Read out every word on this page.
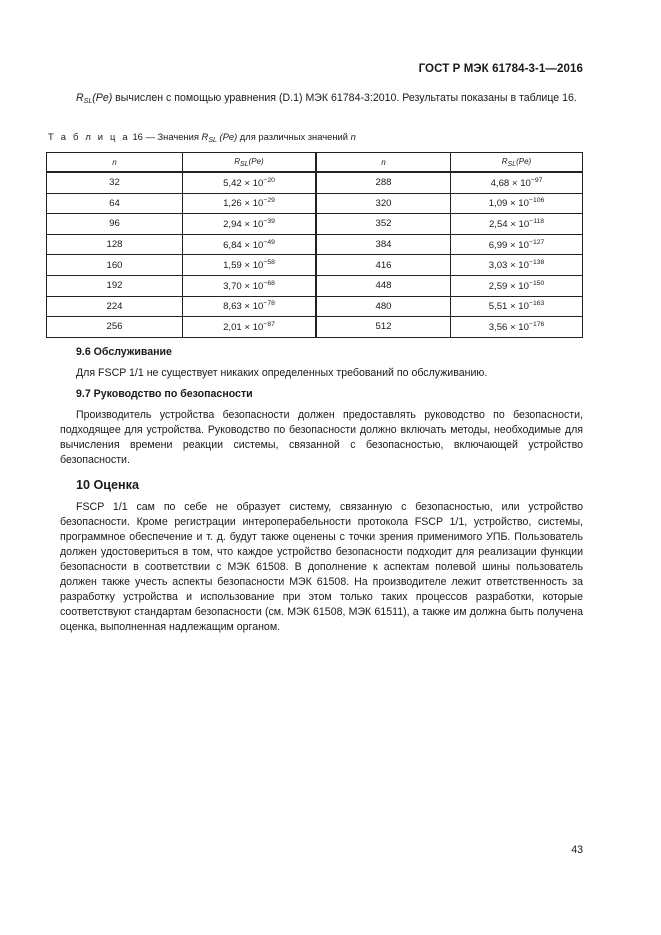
ГОСТ Р МЭК 61784-3-1—2016
$R_{SL}(Pe)$ вычислен с помощью уравнения (D.1) МЭК 61784-3:2010. Результаты показаны в таблице 16.
Т а б л и ц а 16 — Значения $R_{SL}$ (Pe) для различных значений n
n	$R_{SL}(Pe)$	n	$R_{SL}(Pe)$
32	$5,42 \times 10^{-20}$	288	$4,68 \times 10^{-97}$
64	$1,26 \times 10^{-29}$	320	$1,09 \times 10^{-106}$
96	$2,94 \times 10^{-39}$	352	$2,54 \times 10^{-118}$
128	$6,84 \times 10^{-49}$	384	$6,99 \times 10^{-127}$
160	$1,59 \times 10^{-58}$	416	$3,03 \times 10^{-138}$
192	$3,70 \times 10^{-68}$	448	$2,59 \times 10^{-150}$
224	$8,63 \times 10^{-78}$	480	$5,51 \times 10^{-163}$
256	$2,01 \times 10^{-87}$	512	$3,56 \times 10^{-176}$
9.6 Обслуживание

Для FSCP 1/1 не существует никаких определенных требований по обслуживанию.

9.7 Руководство по безопасности

Производитель устройства безопасности должен предоставлять руководство по безопасности, подходящее для устройства. Руководство по безопасности должно включать методы, необходимые для вычисления времени реакции системы, связанной с безопасностью, включающей устройство безопасности.

10 Оценка

FSCP 1/1 сам по себе не образует систему, связанную с безопасностью, или устройство безопасности. Кроме регистрации интероперабельности протокола FSCP 1/1, устройство, системы, программное обеспечение и т. д. будут также оценены с точки зрения применимого УПБ. Пользователь должен удостовериться в том, что каждое устройство безопасности подходит для реализации функции безопасности в соответствии с МЭК 61508. В дополнение к аспектам полевой шины пользователь должен также учесть аспекты безопасности МЭК 61508. На производителе лежит ответственность за разработку устройства и использование при этом только таких процессов разработки, которые соответствуют стандартам безопасности (см. МЭК 61508, МЭК 61511), а также им должна быть получена оценка, выполненная надлежащим органом.

43
